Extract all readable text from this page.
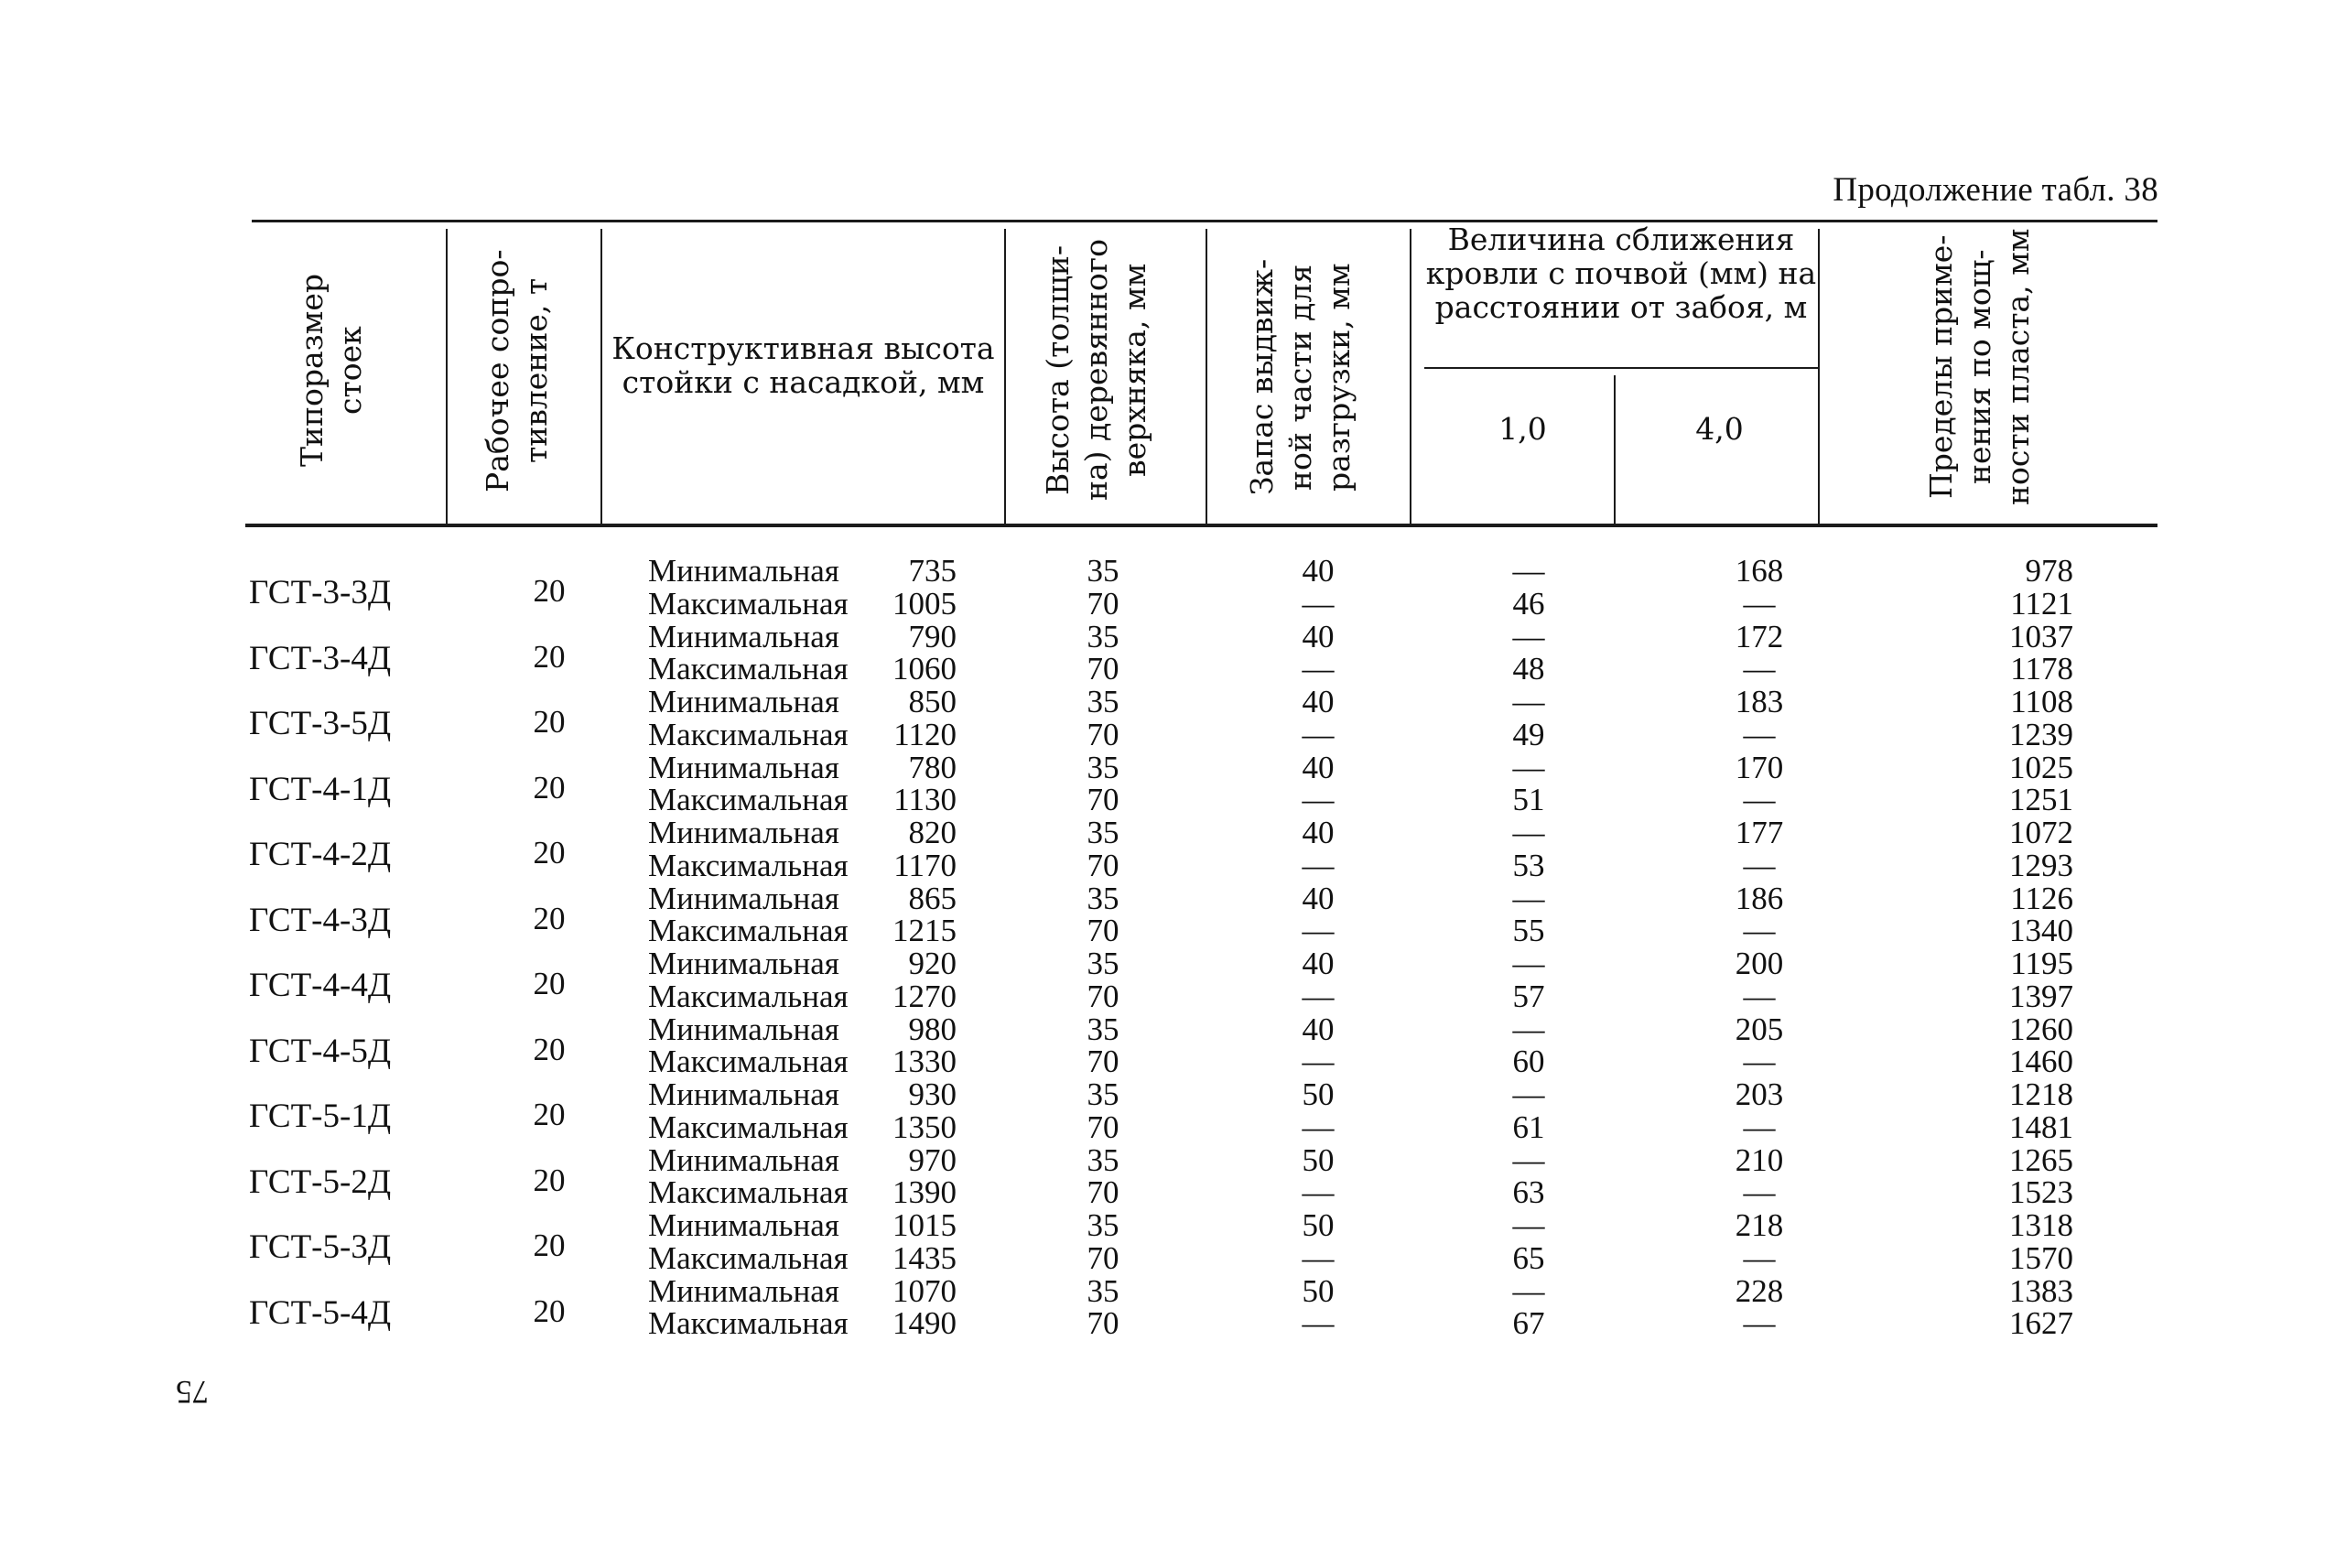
Продолжение табл. 38
Типоразмер стоек	Рабочее сопро-тивление, т	Конструктивная высота стойки с насадкой, мм	Высота (толщи-на) деревянного верхняка, мм	Запас выдвиж-ной части для разгрузки, мм
Величина сближения кровли с почвой (мм) на расстоянии от забоя, м
1,0	4,0	Пределы приме-нения по мощ-ности пласта, мм
ГСТ-3-3Д	20
Минимальная	735	35	40	—	168	978
Максимальная	1005	70	—	46	—	1121
ГСТ-3-4Д	20
Минимальная	790	35	40	—	172	1037
Максимальная	1060	70	—	48	—	1178
ГСТ-3-5Д	20
Минимальная	850	35	40	—	183	1108
Максимальная	1120	70	—	49	—	1239
ГСТ-4-1Д	20
Минимальная	780	35	40	—	170	1025
Максимальная	1130	70	—	51	—	1251
ГСТ-4-2Д	20
Минимальная	820	35	40	—	177	1072
Максимальная	1170	70	—	53	—	1293
ГСТ-4-3Д	20
Минимальная	865	35	40	—	186	1126
Максимальная	1215	70	—	55	—	1340
ГСТ-4-4Д	20
Минимальная	920	35	40	—	200	1195
Максимальная	1270	70	—	57	—	1397
ГСТ-4-5Д	20
Минимальная	980	35	40	—	205	1260
Максимальная	1330	70	—	60	—	1460
ГСТ-5-1Д	20
Минимальная	930	35	50	—	203	1218
Максимальная	1350	70	—	61	—	1481
ГСТ-5-2Д	20
Минимальная	970	35	50	—	210	1265
Максимальная	1390	70	—	63	—	1523
ГСТ-5-3Д	20
Минимальная	1015	35	50	—	218	1318
Максимальная	1435	70	—	65	—	1570
ГСТ-5-4Д	20
Минимальная	1070	35	50	—	228	1383
Максимальная	1490	70	—	67	—	1627
75
